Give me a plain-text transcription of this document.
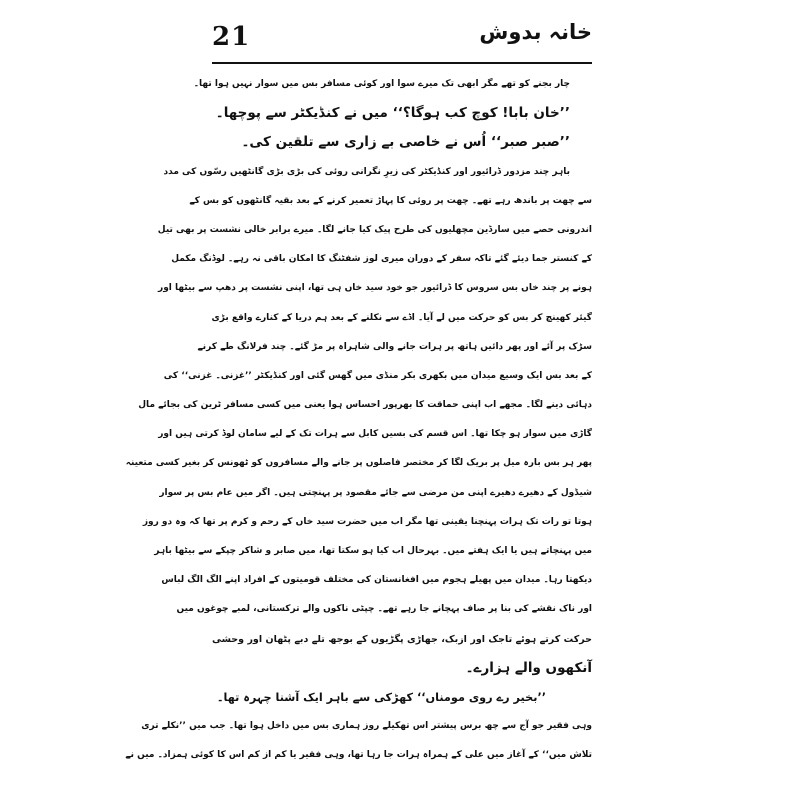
21	خانہ بدوش
چار بجنے کو تھے مگر ابھی تک میرے سوا اور کوئی مسافر بس میں سوار نہیں ہوا تھا۔
’’خان بابا! کوچ کب ہوگا؟‘‘ میں نے کنڈیکٹر سے پوچھا۔
’’صبر صبر‘‘ اُس نے خاصی بے زاری سے تلقین کی۔
باہر چند مزدور ڈرائیور اور کنڈیکٹر کی زیرِ نگرانی روئی کی بڑی بڑی گانٹھیں رسّوں کی مدد
سے چھت پر باندھ رہے تھے۔ چھت پر روئی کا پہاڑ تعمیر کرنے کے بعد بقیہ گانٹھوں کو بس کے
اندرونی حصے میں سارڈین مچھلیوں کی طرح پیک کیا جانے لگا۔ میرے برابر خالی نشست پر بھی تیل
کے کنستر جما دیئے گئے تاکہ سفر کے دوران میری لوز شفٹنگ کا امکان باقی نہ رہے۔ لوڈنگ مکمل
ہونے پر چند خاں بس سروس کا ڈرائیور جو خود سید خاں ہی تھا، اپنی نشست پر دھپ سے بیٹھا اور
گیئر کھینچ کر بس کو حرکت میں لے آیا۔ اڈے سے نکلنے کے بعد ہم دریا کے کنارے واقع بڑی
سڑک پر آئے اور پھر دائیں ہاتھ پر ہرات جانے والی شاہراہ پر مڑ گئے۔ چند فرلانگ طے کرنے
کے بعد بس ایک وسیع میدان میں بکھری بکر منڈی میں گھس گئی اور کنڈیکٹر ’’غزنی۔ غزنی‘‘ کی
دہائی دینے لگا۔ مجھے اب اپنی حماقت کا بھرپور احساس ہوا یعنی میں کسی مسافر ٹرین کی بجائے مال
گاڑی میں سوار ہو چکا تھا۔ اس قسم کی بسیں کابل سے ہرات تک کے لیے سامان لوڈ کرتی ہیں اور
پھر ہر بس بارہ میل پر بریک لگا کر مختصر فاصلوں پر جانے والے مسافروں کو ٹھونس کر بغیر کسی متعینہ
شیڈول کے دھیرے دھیرے اپنی من مرضی سے جائے مقصود پر پہنچتی ہیں۔ اگر میں عام بس پر سوار
ہوتا تو رات تک ہرات پہنچنا یقینی تھا مگر اب میں حضرت سید خاں کے رحم و کرم پر تھا کہ وہ دو روز
میں پہنچاتے ہیں یا ایک ہفتے میں۔ بہرحال اب کیا ہو سکتا تھا، میں صابر و شاکر چپکے سے بیٹھا باہر
دیکھتا رہا۔ میدان میں پھیلے ہجوم میں افغانستان کی مختلف قومیتوں کے افراد اپنے الگ الگ لباس
اور ناک نقشے کی بنا پر صاف پہچانے جا رہے تھے۔ چپٹی ناکوں والے ترکستانی، لمبے چوغوں میں
حرکت کرتے ہوئے تاجک اور ازبک، جھاڑی پگڑیوں کے بوجھ تلے دبے پٹھان اور وحشی
آنکھوں والے ہزارے۔
’’بخیر رے روی مومناں‘‘ کھڑکی سے باہر ایک آشنا چہرہ تھا۔
وہی فقیر جو آج سے چھ برس پیشتر اس تھکیلے روز ہماری بس میں داخل ہوا تھا۔ جب میں ’’نکلے تری
تلاش میں‘‘ کے آغاز میں علی کے ہمراہ ہرات جا رہا تھا، وہی فقیر یا کم از کم اس کا کوئی ہمزاد۔ میں نے
